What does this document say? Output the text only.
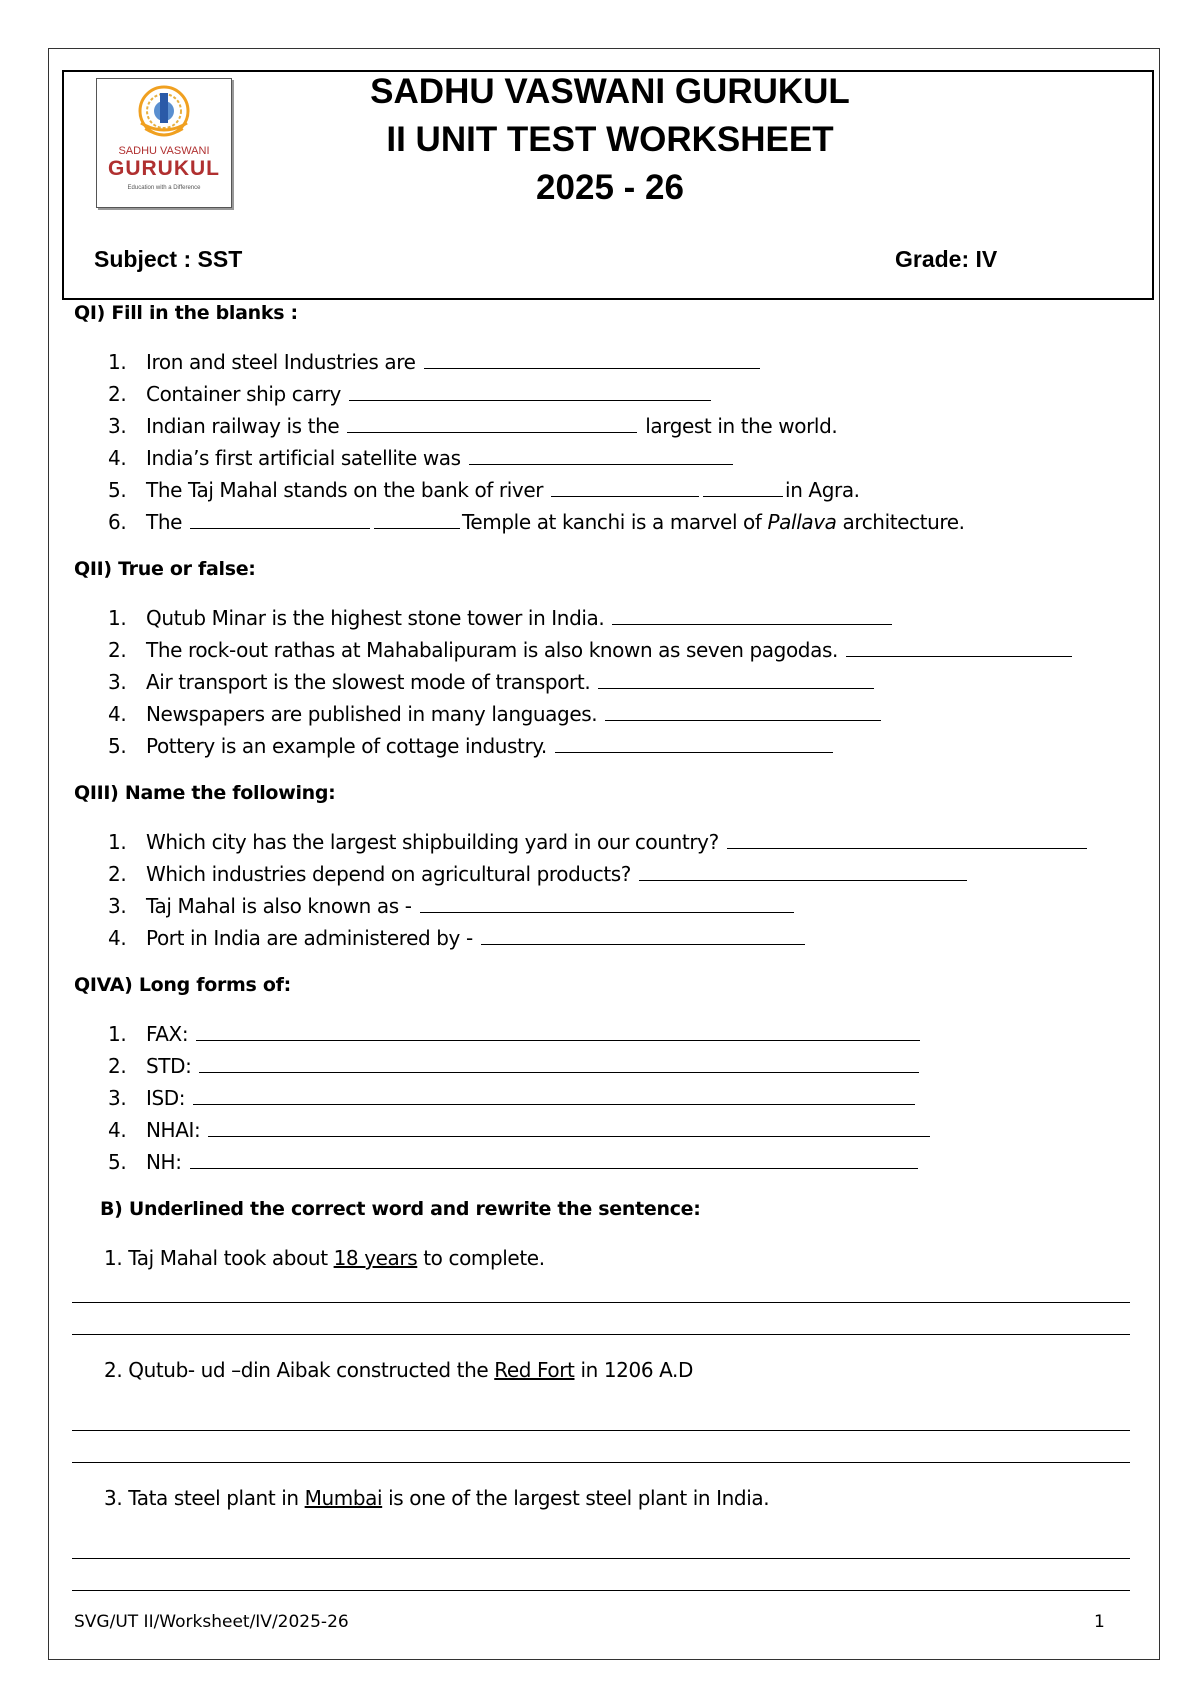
SADHU VASWANI
GURUKUL
Education with a Difference
SADHU VASWANI GURUKUL
II UNIT TEST WORKSHEET
2025 - 26
Subject : SST	Grade: IV
QI) Fill in the blanks :
1. Iron and steel Industries are
2. Container ship carry
3. Indian railway is the	largest in the world.
4. India’s first artificial satellite was
5. The Taj Mahal stands on the bank of river	in Agra.
6. The	Temple at kanchi is a marvel of Pallava architecture.
QII) True or false:
1. Qutub Minar is the highest stone tower in India.
2. The rock-out rathas at Mahabalipuram is also known as seven pagodas.
3. Air transport is the slowest mode of transport.
4. Newspapers are published in many languages.
5. Pottery is an example of cottage industry.
QIII) Name the following:
1. Which city has the largest shipbuilding yard in our country?
2. Which industries depend on agricultural products?
3. Taj Mahal is also known as -
4. Port in India are administered by -
QIVA) Long forms of:
1. FAX:
2. STD:
3. ISD:
4. NHAI:
5. NH:
B) Underlined the correct word and rewrite the sentence:
1. Taj Mahal took about 18 years to complete.
2. Qutub- ud –din Aibak constructed the Red Fort in 1206 A.D
3. Tata steel plant in Mumbai is one of the largest steel plant in India.
SVG/UT II/Worksheet/IV/2025-26	1
